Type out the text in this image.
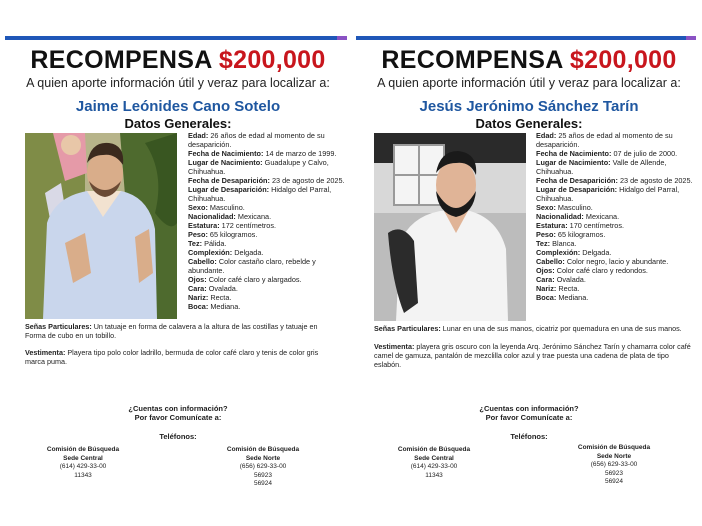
RECOMPENSA $200,000
A quien aporte información útil y veraz para localizar a:
Jaime Leónides Cano Sotelo
Datos Generales:
Edad: 26 años de edad al momento de su desaparición.
Fecha de Nacimiento: 14 de marzo de 1999.
Lugar de Nacimiento: Guadalupe y Calvo, Chihuahua.
Fecha de Desaparición: 23 de agosto de 2025.
Lugar de Desaparición: Hidalgo del Parral, Chihuahua.
Sexo: Masculino.
Nacionalidad: Mexicana.
Estatura: 172 centímetros.
Peso: 65 kilogramos.
Tez: Pálida.
Complexión: Delgada.
Cabello: Color castaño claro, rebelde y abundante.
Ojos: Color café claro y alargados.
Cara: Ovalada.
Nariz: Recta.
Boca: Mediana.
Señas Particulares: Un tatuaje en forma de calavera a la altura de las costillas y tatuaje en Forma de cubo en un tobillo.
Vestimenta: Playera tipo polo color ladrillo, bermuda de color café claro y tenis de color gris marca puma.
¿Cuentas con información?
Por favor Comunícate a:
Teléfonos:
Comisión de Búsqueda
Sede Central
(614) 429-33-00
11343
Comisión de Búsqueda
Sede Norte
(656) 629-33-00
56923
56924
RECOMPENSA $200,000
A quien aporte información útil y veraz para localizar a:
Jesús Jerónimo Sánchez Tarín
Datos Generales:
Edad: 25 años de edad al momento de su desaparición.
Fecha de Nacimiento: 07 de julio de 2000.
Lugar de Nacimiento: Valle de Allende, Chihuahua.
Fecha de Desaparición: 23 de agosto de 2025.
Lugar de Desaparición: Hidalgo del Parral, Chihuahua.
Sexo: Masculino.
Nacionalidad: Mexicana.
Estatura: 170 centímetros.
Peso: 65 kilogramos.
Tez: Blanca.
Complexión: Delgada.
Cabello: Color negro, lacio y abundante.
Ojos: Color café claro y redondos.
Cara: Ovalada.
Nariz: Recta.
Boca: Mediana.
Señas Particulares: Lunar en una de sus manos, cicatriz por quemadura en una de sus manos.
Vestimenta: playera gris oscuro con la leyenda Arq. Jerónimo Sánchez Tarín y chamarra color café camel de gamuza, pantalón de mezclilla color azul y trae puesta una cadena de plata de tipo eslabón.
¿Cuentas con información?
Por favor Comunícate a:
Teléfonos:
Comisión de Búsqueda
Sede Central
(614) 429-33-00
11343
Comisión de Búsqueda
Sede Norte
(656) 629-33-00
56923
56924
